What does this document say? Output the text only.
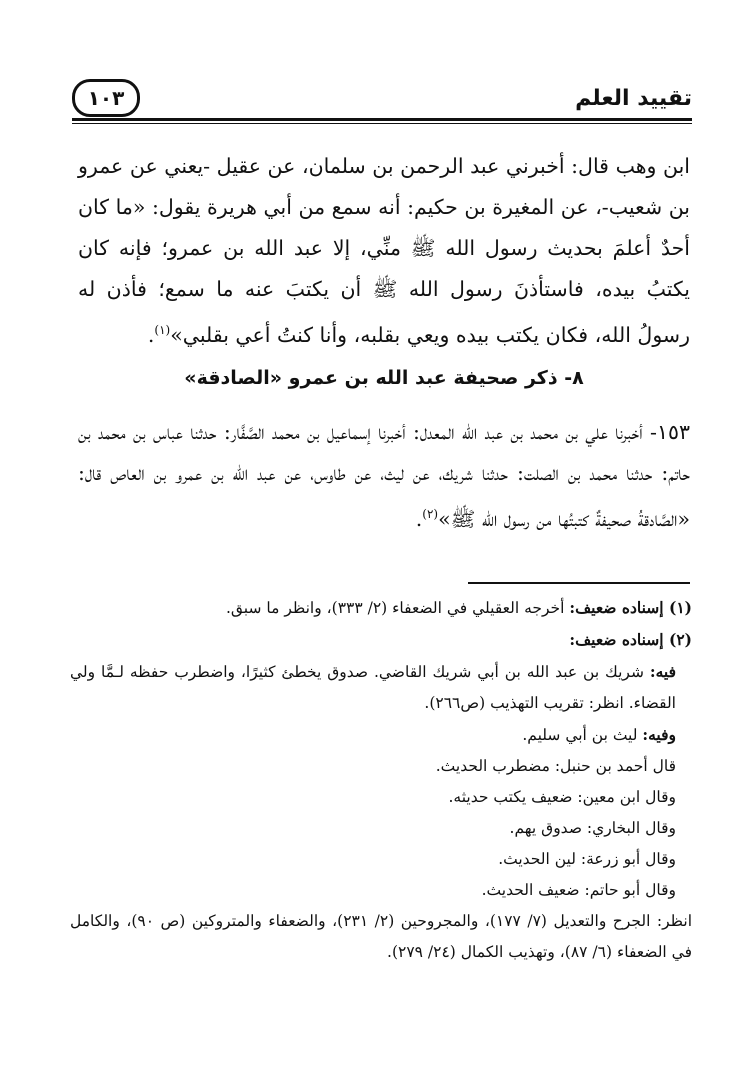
١٠٣	تقييد العلم

ابن وهب قال: أخبرني عبد الرحمن بن سلمان، عن عقيل -يعني عن عمرو بن شعيب-، عن المغيرة بن حكيم: أنه سمع من أبي هريرة يقول: «ما كان أحدٌ أعلمَ بحديث رسول الله ﷺ منِّي، إلا عبد الله بن عمرو؛ فإنه كان يكتبُ بيده، فاستأذنَ رسول الله ﷺ أن يكتبَ عنه ما سمع؛ فأذن له رسولُ الله، فكان يكتب بيده ويعي بقلبه، وأنا كنتُ أعي بقلبي»$^{(١)}$.

٨- ذكر صحيفة عبد الله بن عمرو «الصادقة»

١٥٣- أخبرنا علي بن محمد بن عبد الله المعدل: أخبرنا إسماعيل بن محمد الصَّفَّار: حدثنا عباس بن محمد بن حاتم: حدثنا محمد بن الصلت: حدثنا شريك، عن ليث، عن طاوس، عن عبد الله بن عمرو بن العاص قال: «الصَّادقةُ صحيفةٌ كتبتُها من رسول الله ﷺ»$^{(٢)}$.

(١) إسناده ضعيف: أخرجه العقيلي في الضعفاء (٢/ ٣٣٣)، وانظر ما سبق.

(٢) إسناده ضعيف:

فيه: شريك بن عبد الله بن أبي شريك القاضي. صدوق يخطئ كثيرًا، واضطرب حفظه لـمَّا ولي القضاء. انظر: تقريب التهذيب (ص٢٦٦).

وفيه: ليث بن أبي سليم.

قال أحمد بن حنبل: مضطرب الحديث.

وقال ابن معين: ضعيف يكتب حديثه.

وقال البخاري: صدوق يهم.

وقال أبو زرعة: لين الحديث.

وقال أبو حاتم: ضعيف الحديث.

انظر: الجرح والتعديل (٧/ ١٧٧)، والمجروحين (٢/ ٢٣١)، والضعفاء والمتروكين (ص ٩٠)، والكامل في الضعفاء (٦/ ٨٧)، وتهذيب الكمال (٢٤/ ٢٧٩).
